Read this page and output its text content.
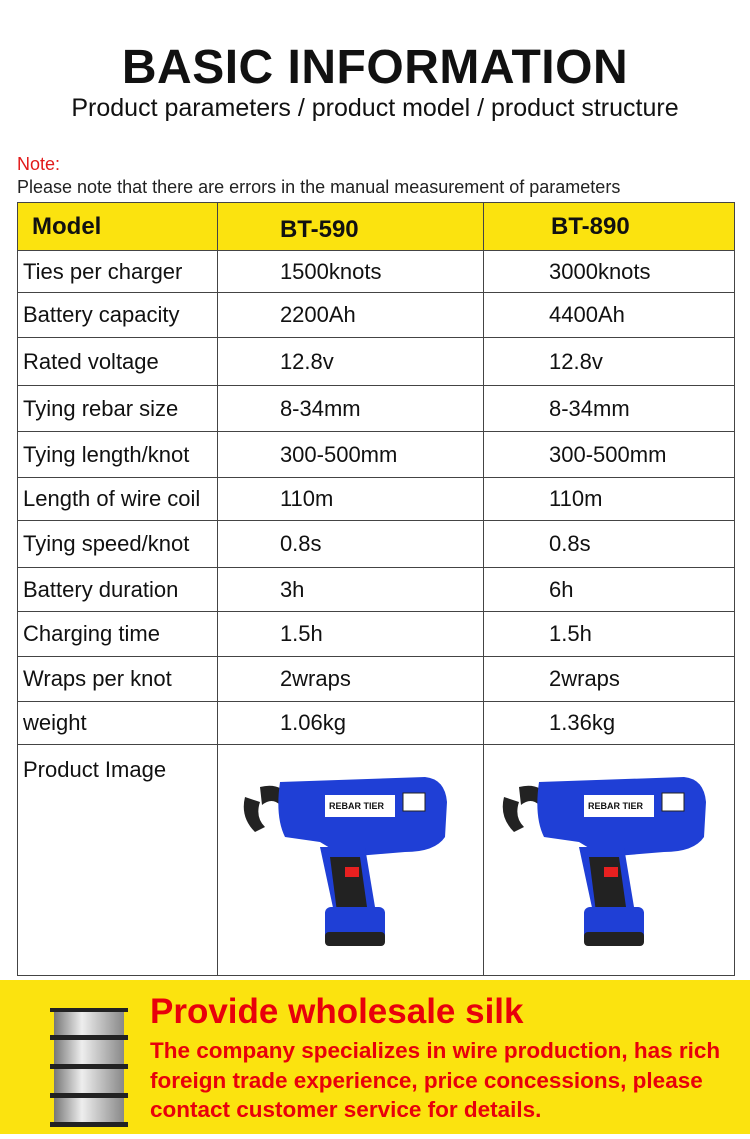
BASIC INFORMATION
Product parameters / product model / product structure
Note:
Please note that there are errors in the manual measurement of parameters
Model	BT-590	BT-890
Ties per charger	1500knots	3000knots
Battery capacity	2200Ah	4400Ah
Rated voltage	12.8v	12.8v
Tying rebar size	8-34mm	8-34mm
Tying length/knot	300-500mm	300-500mm
Length of wire coil	110m	110m
Tying speed/knot	0.8s	0.8s
Battery duration	3h	6h
Charging time	1.5h	1.5h
Wraps per knot	2wraps	2wraps
weight	1.06kg	1.36kg
Product Image	REBAR TIER	REBAR TIER
Provide wholesale silk
The company specializes in wire production, has rich
foreign trade experience, price concessions, please
contact customer service for details.
